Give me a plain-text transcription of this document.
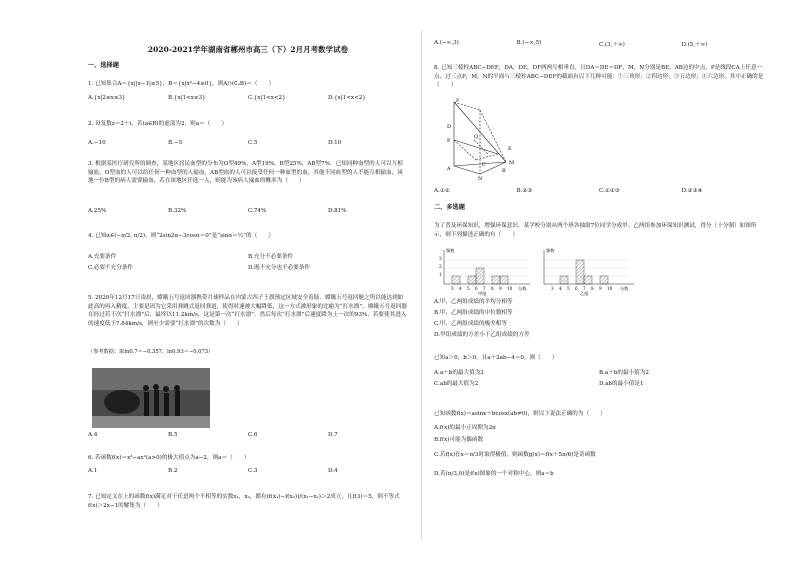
2020-2021学年湖南省郴州市高三（下）2月月考数学试卷
一、选择题
1. 已知集合A＝{x||x−1|≤5}，B＝{x|x²−4≥0}，则A∩(∁ᵤB)＝（　　）
A.{x|2≤x≤3}	B.{x|1<x≤3}	C.{x|1<x<2}	D.{x|1<x<2}
2. 设复数z＝2＋i，若(a∈R)的虚部为2，则a＝（　　）
A.−10	B.−5	C.5	D.10
3. 根据某医疗研究所的调查，某地区居民血型的分布为O型49%，A型19%，B型25%，AB型7%．已知同种血型的人可以互相输血，O型血的人可以给任何一种血型的人输血，AB型血的人可以接受任何一种血型的血，其他不同血型的人不能互相输血，该地一位B型的病人需要输血，若在该地区任选一人，则能为该病人输血的概率为（　　）
A.25%	B.32%	C.74%	D.81%
4. 已知α∈(−π/2, π/2)，则“2sin2α−3cosα＝0”是“sinα＝½”的（　　）
A.充要条件	B.充分不必要条件
C.必要不充分条件	D.既不充分也不必要条件
5. 2020年12月17日凌晨，嫦娥五号返回器携带月球样品在内蒙古四子王旗预定区域安全着陆．嫦娥五号返回舱之所以能达到如此高的再入精度，主要是因为它采用弹跳式返回弹道，使得时速被大幅降低，这一方式被形象的比喻为“打水漂”，嫦娥五号返回器在经过若干次“打水漂”后，最终以11.2km/s，这是第一次“打水漂”，然后每次“打水漂”后速度降为上一次的93%，若要使其进入的速度低于7.84km/s，则至少需要“打水漂”的次数为（　　）
（参考数据：取ln0.7＝−0.357，ln0.93＝−0.073）
A.4	B.5	C.6	D.7
6. 若函数f(x)＝x³−ax²(a>0)的极大值点为a−2，则a＝（　　）
A.1	B.2	C.3	D.4
7. 已知定义在上的函数f(x)满足对于任意两个不相等的实数x₁，x₂，都有(f(x₁)−f(x₂))/(x₁−x₂)＞2成立，且f(3)＝5，则不等式f(x)＞2x−1的解集为（　　）
A.(−∞,3)	B.(−∞,5)	C.(3,＋∞)	D.(5,＋∞)
8. 已知三棱柱ABC−DEF，DA，DE，DF两两互相垂直，且DA＝DE＝DF，M，N分别是BE，AB边的中点，P是线段CA上任意一点，过三点P，M，N的平面与三棱柱ABC−DEF的截面有以下几种可能：①三角形；②四边形；③五边形；④六边形，其中正确的是（　　）
F
E
D
M
P
Q
A
N
B
C
A.①②	B.②③	C.①②③	D.②③④
二、多选题
为了普及环保知识，增强环保意识，某学校分别从两个班各抽取7位同学分成甲、乙两组参加环保知识测试，得分（十分制）如图所示，则下列描述正确的有（　　）
频数
1
2
3
3 4 5 6 7 8 9 10 分数
甲组
频数
3 4 5 6 7 8 9 10 分数
乙组
A.甲、乙两组成绩的平均分相等
B.甲、乙两组成绩的中位数相等
C.甲、乙两组成绩的极差相等
D.甲组成绩的方差小于乙组成绩的方差
已知a＞0，b＞0，且a＋2ab−4＝0，则（　　）
A.a＋b的最大值为2	B.a＋b的最小值为2
C.ab的最大值为2	D.ab的最小值是1
已知函数f(x)＝asinx＋bcosx(ab≠0)，则以下说法正确的为（　　）
A.f(x)的最小正周期为2π
B.f(x)可能为偶函数
C.若f(x)在x＝π/3时取得极值，则函数g(x)＝f(x＋5π/6)是奇函数
D.若(π/3,0)是f(x)图象的一个对称中心，则a＝b
